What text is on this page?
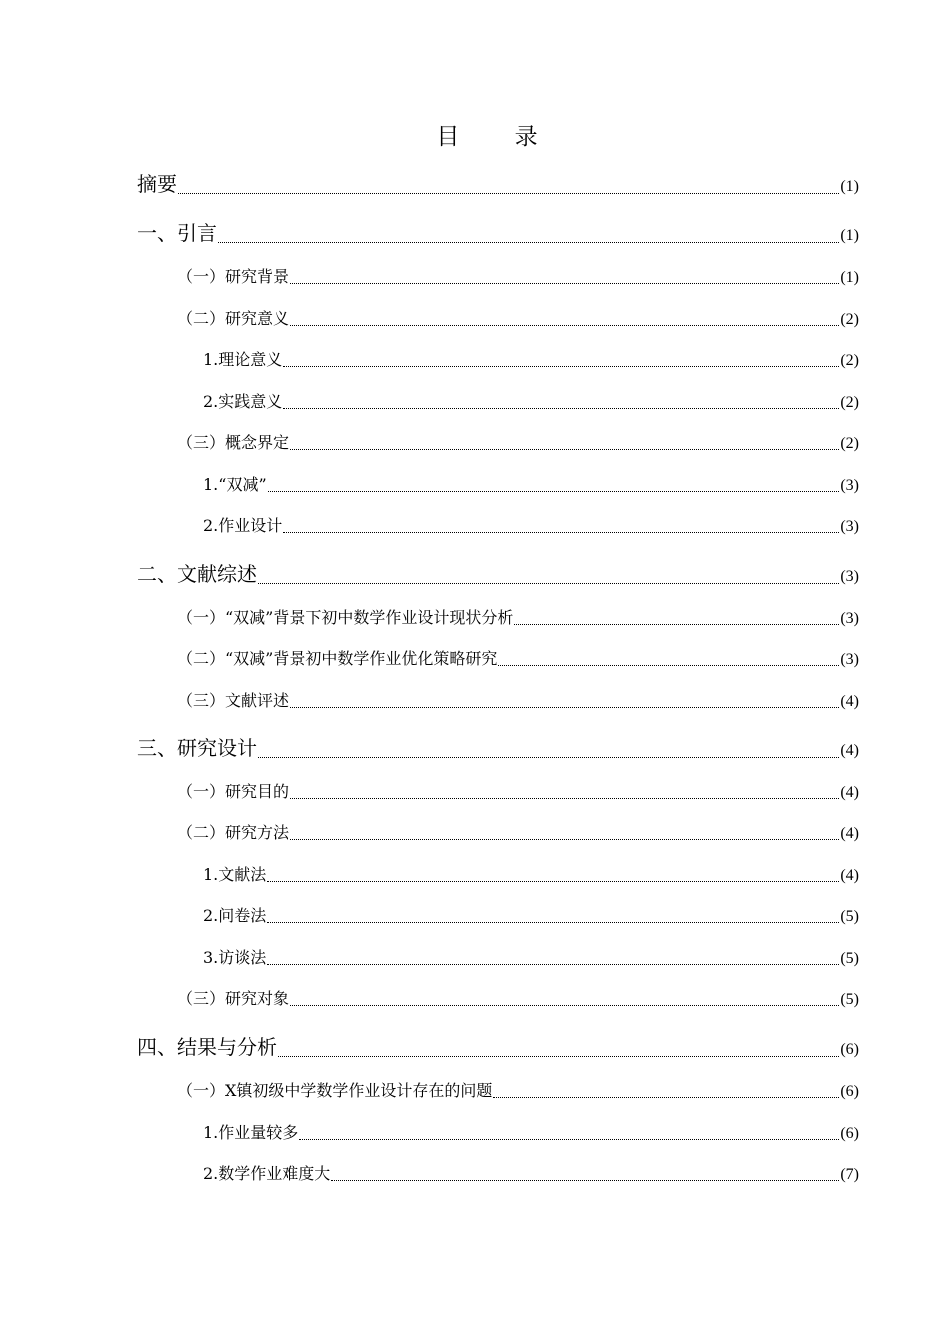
目 录
摘要	(1)
一、引言	(1)
（一）研究背景	(1)
（二）研究意义	(2)
1.理论意义	(2)
2.实践意义	(2)
（三）概念界定	(2)
1.“双减”	(3)
2.作业设计	(3)
二、文献综述	(3)
（一）“双减”背景下初中数学作业设计现状分析	(3)
（二）“双减”背景初中数学作业优化策略研究	(3)
（三）文献评述	(4)
三、研究设计	(4)
（一）研究目的	(4)
（二）研究方法	(4)
1.文献法	(4)
2.问卷法	(5)
3.访谈法	(5)
（三）研究对象	(5)
四、结果与分析	(6)
（一）X镇初级中学数学作业设计存在的问题	(6)
1.作业量较多	(6)
2.数学作业难度大	(7)
